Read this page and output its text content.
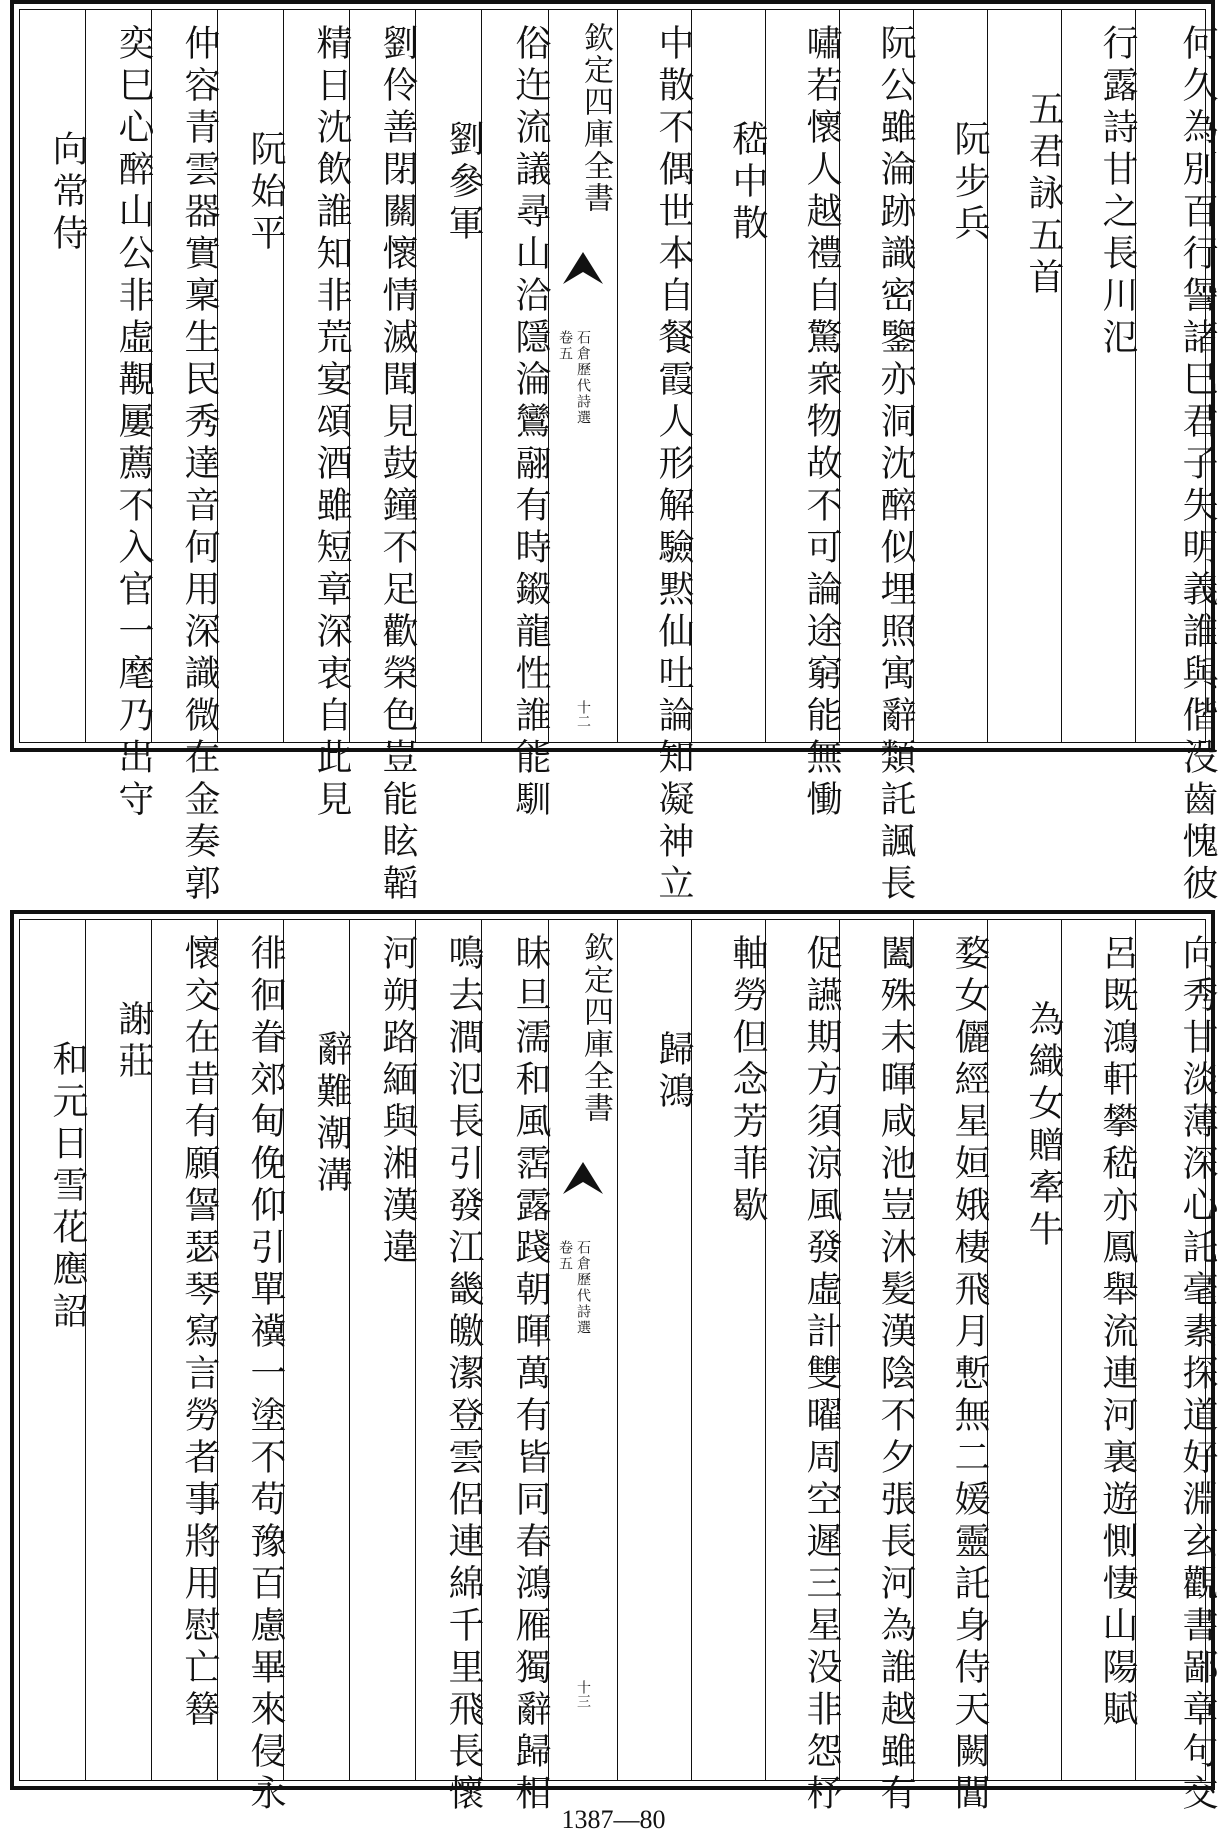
向常侍 奕巳心醉山公非虛覯屢薦不入官一麾乃出守 仲容青雲器實稟生民秀達音何用深識微在金奏郭 阮始平 精日沈飲誰知非荒宴頌酒雖短章深衷自此見 劉伶善閉關懷情滅聞見鼓鐘不足歡榮色豈能眩韜 劉參軍 俗迕流議尋山洽隱淪鸞翮有時鎩龍性誰能馴 欽定四庫全書
石倉歷代詩選
卷五
十二	中散不偶世本自餐霞人形解驗黙仙吐論知凝神立 嵇中散 嘯若懷人越禮自驚衆物故不可論途窮能無慟 阮公雖淪跡識密鑒亦洞沈醉似埋照寓辭類託諷長 阮步兵 五君詠五首 行露詩甘之長川氾	何久為別百行諐諸巳君子失明義誰與偕没齒愧彼
和元日雪花應詔 謝莊 懷交在昔有願諐瑟琴寫言勞者事將用慰亡簮 徘徊眷郊甸俛仰引單𥜥一塗不苟豫百慮畢來侵永 辭難潮溝 河朔路緬與湘漢違 鳴去澗氾長引發江畿皦潔登雲侶連綿千里飛長懷 昧旦濡和風霑露踐朝暉萬有皆同春鴻雁獨辭歸相 欽定四庫全書
石倉歷代詩選
卷五
十三
歸鴻 軸勞但念芳菲歇 促讌期方須涼風發虛計雙曜周空遲三星没非怨杼 闔殊未暉咸池豈沐髪漢陰不夕張長河為誰越雖有 婺女儷經星姮娥棲飛月慙無二媛靈託身侍天闕閶 為織女贈牽牛 呂既鴻軒攀嵇亦鳳舉流連河裏遊惻悽山陽賦	向秀甘淡薄深心託毫素探道好淵玄觀書鄙章句交
1387—80
